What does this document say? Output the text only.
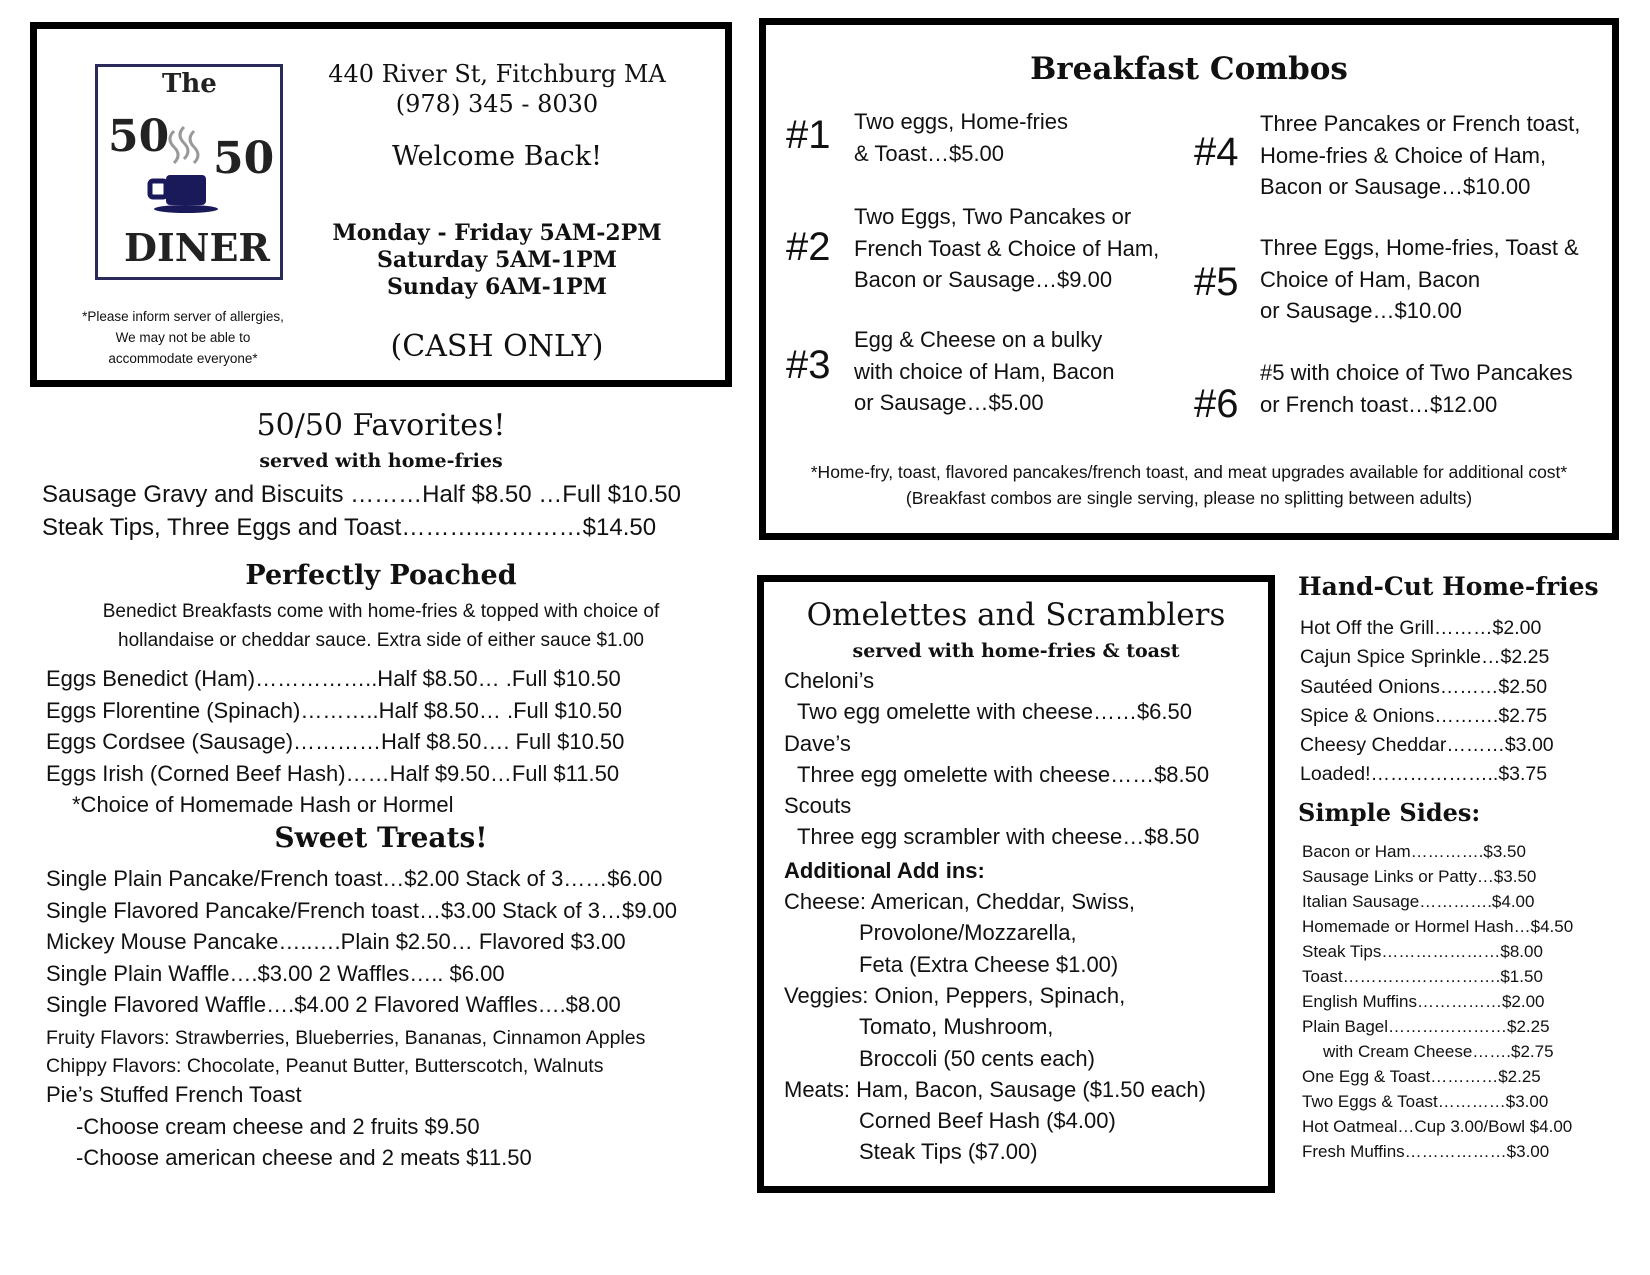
The
50 50
DINER
*Please inform server of allergies,
We may not be able to
accommodate everyone*
440 River St, Fitchburg MA
(978) 345 - 8030
Welcome Back!
Monday - Friday 5AM-2PM
Saturday 5AM-1PM
Sunday 6AM-1PM
(CASH ONLY)
Breakfast Combos
#1 Two eggs, Home-fries
& Toast…$5.00
#2
Two Eggs, Two Pancakes or
French Toast & Choice of Ham,
Bacon or Sausage…$9.00
#3
Egg & Cheese on a bulky
with choice of Ham, Bacon
or Sausage…$5.00
#4
Three Pancakes or French toast,
Home-fries & Choice of Ham,
Bacon or Sausage…$10.00
#5
Three Eggs, Home-fries, Toast &
Choice of Ham, Bacon
or Sausage…$10.00
#6
#5 with choice of Two Pancakes
or French toast…$12.00
*Home-fry, toast, flavored pancakes/french toast, and meat upgrades available for additional cost*
(Breakfast combos are single serving, please no splitting between adults)
50/50 Favorites!
served with home-fries
Sausage Gravy and Biscuits ………Half $8.50 …Full $10.50
Steak Tips, Three Eggs and Toast………..…………$14.50
Perfectly Poached
Benedict Breakfasts come with home-fries & topped with choice of
hollandaise or cheddar sauce. Extra side of either sauce $1.00
Eggs Benedict (Ham)……………..Half $8.50… .Full $10.50
Eggs Florentine (Spinach)………..Half $8.50… .Full $10.50
Eggs Cordsee (Sausage)…………Half $8.50…. Full $10.50
Eggs Irish (Corned Beef Hash)……Half $9.50…Full $11.50
*Choice of Homemade Hash or Hormel
Sweet Treats!
Single Plain Pancake/French toast…$2.00 Stack of 3……$6.00
Single Flavored Pancake/French toast…$3.00 Stack of 3…$9.00
Mickey Mouse Pancake…..….Plain $2.50… Flavored $3.00
Single Plain Waffle….$3.00 2 Waffles….. $6.00
Single Flavored Waffle….$4.00 2 Flavored Waffles….$8.00
Fruity Flavors: Strawberries, Blueberries, Bananas, Cinnamon Apples
Chippy Flavors: Chocolate, Peanut Butter, Butterscotch, Walnuts
Pie’s Stuffed French Toast
-Choose cream cheese and 2 fruits $9.50
-Choose american cheese and 2 meats $11.50
Omelettes and Scramblers
served with home-fries & toast
Cheloni’s
Two egg omelette with cheese……$6.50
Dave’s
Three egg omelette with cheese……$8.50
Scouts
Three egg scrambler with cheese…$8.50
Additional Add ins:
Cheese: American, Cheddar, Swiss,
Provolone/Mozzarella,
Feta (Extra Cheese $1.00)
Veggies: Onion, Peppers, Spinach,
Tomato, Mushroom,
Broccoli (50 cents each)
Meats: Ham, Bacon, Sausage ($1.50 each)
Corned Beef Hash ($4.00)
Steak Tips ($7.00)
Hand-Cut Home-fries
Hot Off the Grill………$2.00
Cajun Spice Sprinkle…$2.25
Sautéed Onions………$2.50
Spice & Onions……….$2.75
Cheesy Cheddar………$3.00
Loaded!………………..$3.75
Simple Sides:
Bacon or Ham………….$3.50
Sausage Links or Patty…$3.50
Italian Sausage………….$4.00
Homemade or Hormel Hash…$4.50
Steak Tips…………………$8.00
Toast……………………….$1.50
English Muffins……………$2.00
Plain Bagel…………………$2.25
with Cream Cheese…….$2.75
One Egg & Toast…………$2.25
Two Eggs & Toast…………$3.00
Hot Oatmeal…Cup 3.00/Bowl $4.00
Fresh Muffins………………$3.00
